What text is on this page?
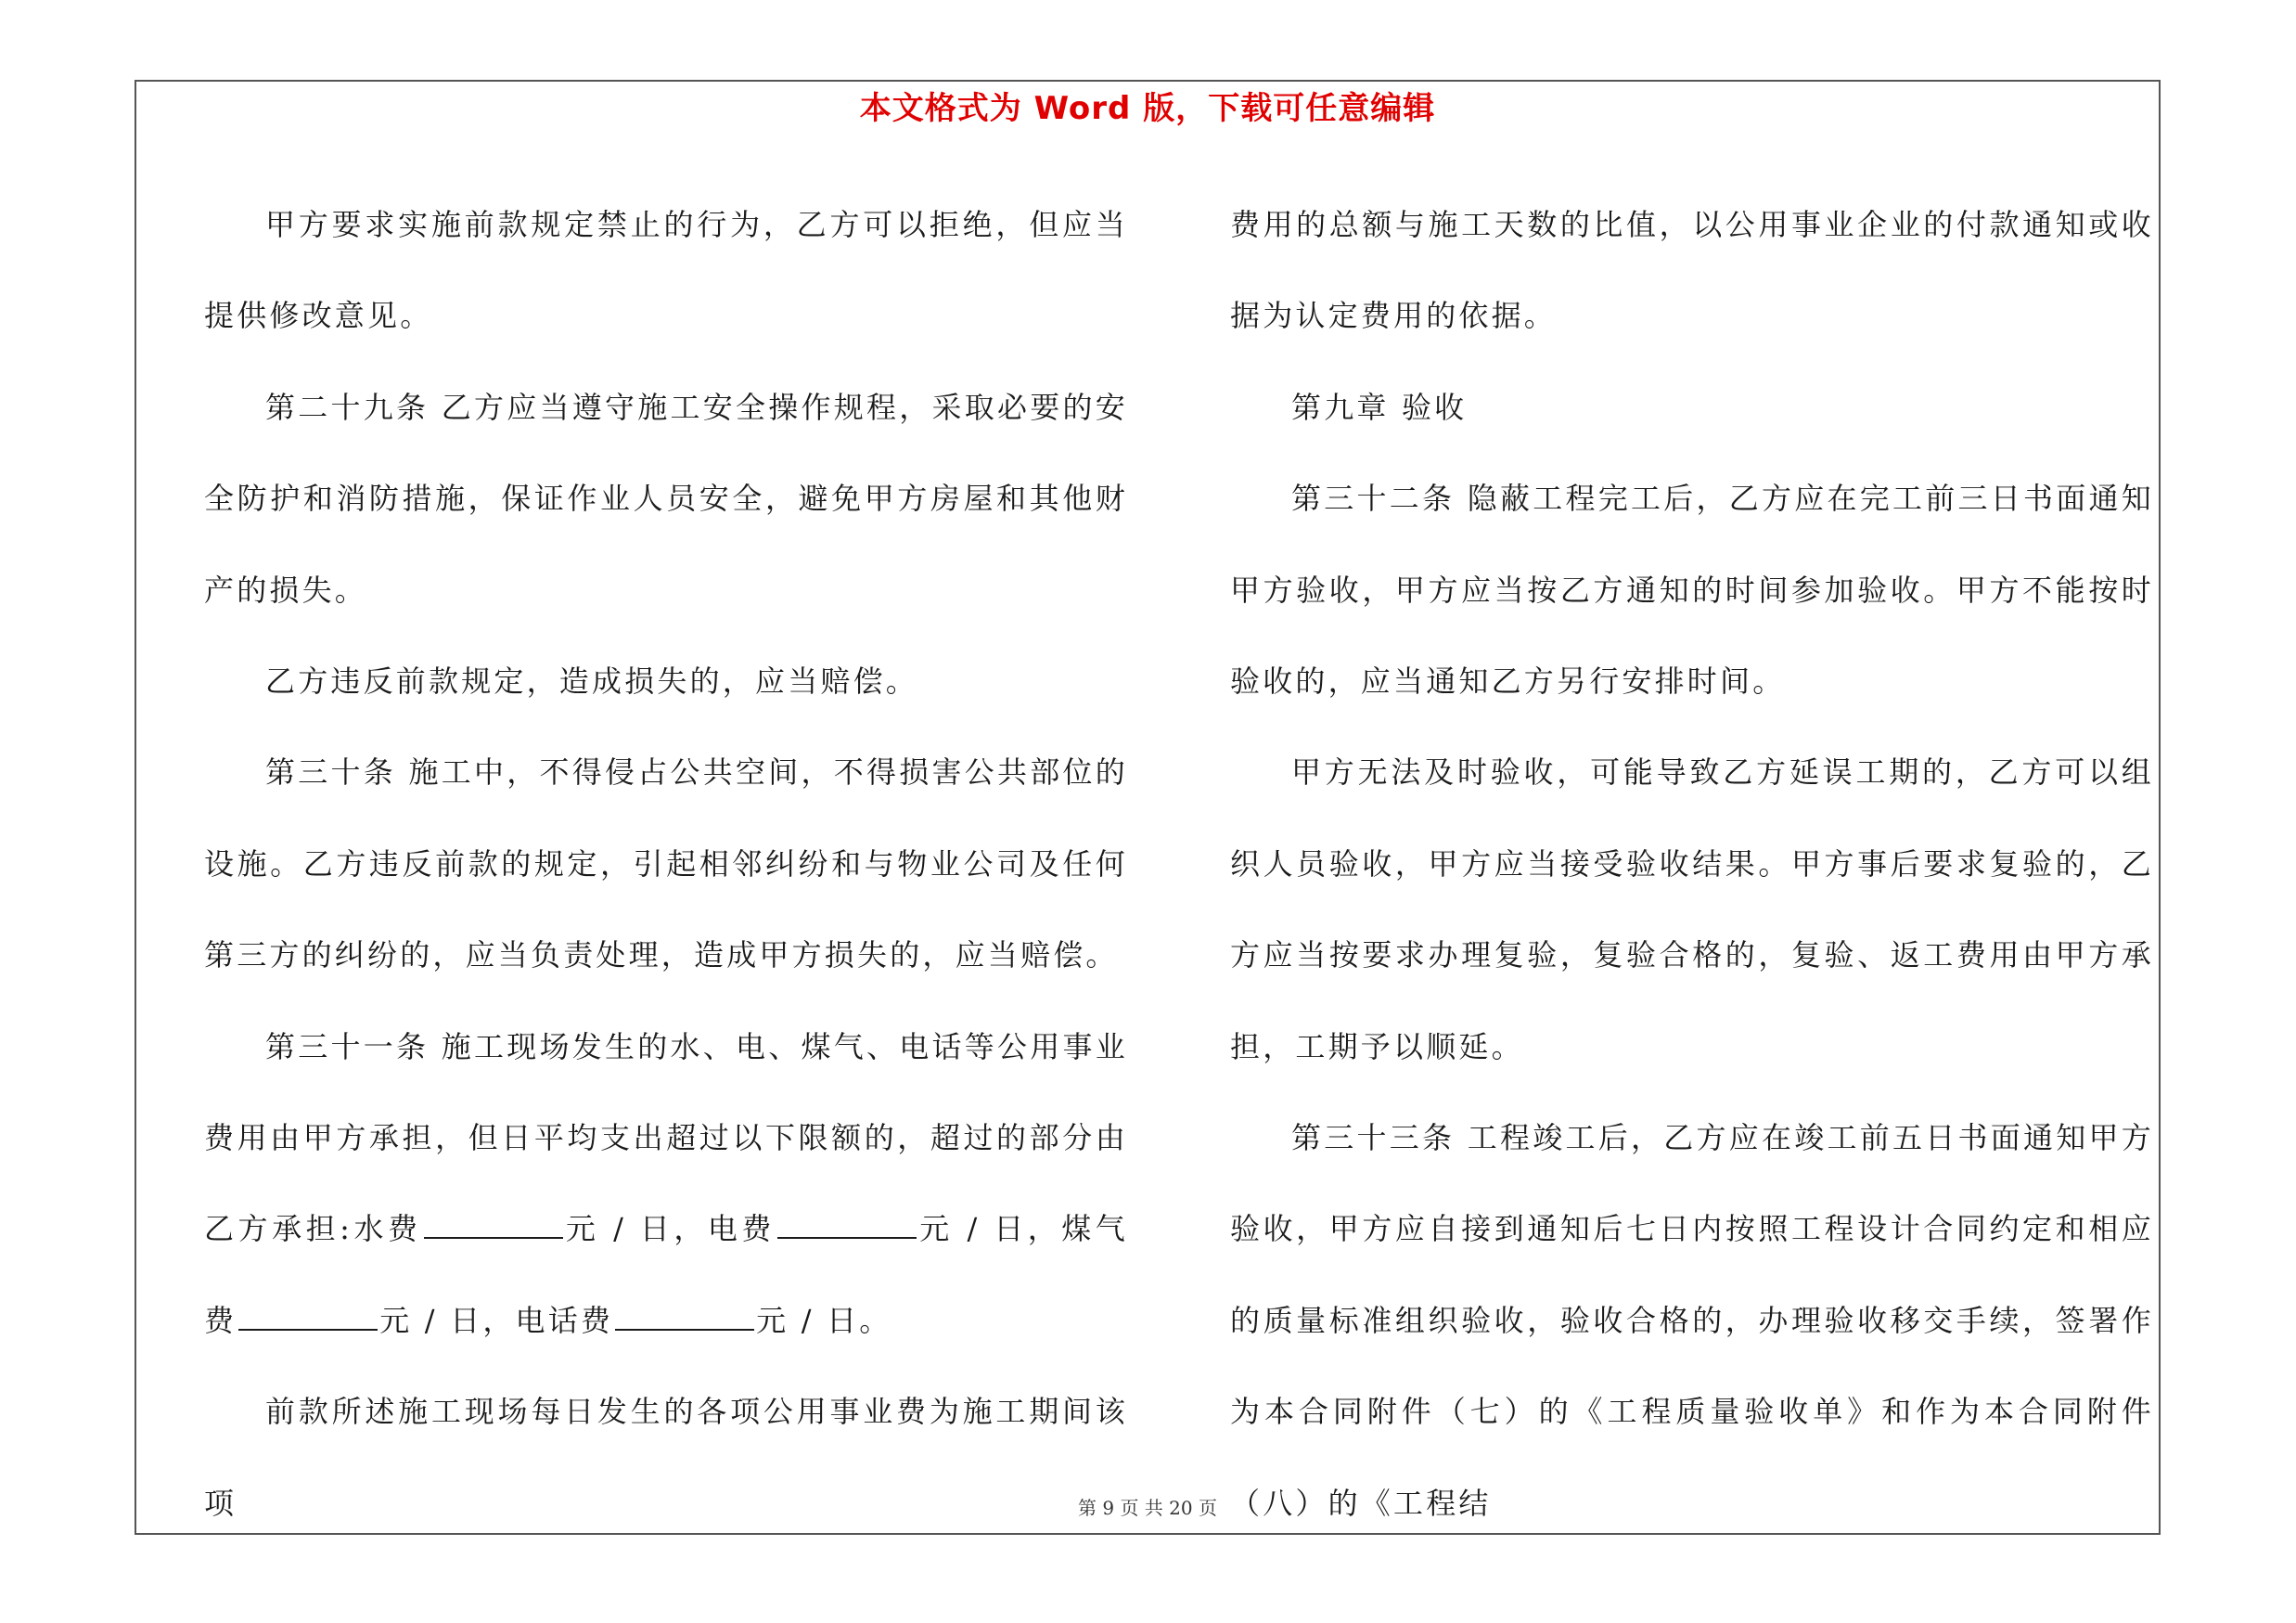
本文格式为 Word 版，下载可任意编辑

甲方要求实施前款规定禁止的行为，乙方可以拒绝，但应当提供修改意见。

第二十九条 乙方应当遵守施工安全操作规程，采取必要的安全防护和消防措施，保证作业人员安全，避免甲方房屋和其他财产的损失。

乙方违反前款规定，造成损失的，应当赔偿。

第三十条 施工中，不得侵占公共空间，不得损害公共部位的设施。乙方违反前款的规定，引起相邻纠纷和与物业公司及任何第三方的纠纷的，应当负责处理，造成甲方损失的，应当赔偿。

第三十一条 施工现场发生的水、电、煤气、电话等公用事业费用由甲方承担，但日平均支出超过以下限额的，超过的部分由乙方承担:水费	元 / 日，电费	元 / 日，煤气费	元 / 日，电话费	元 / 日。

前款所述施工现场每日发生的各项公用事业费为施工期间该项

费用的总额与施工天数的比值，以公用事业企业的付款通知或收据为认定费用的依据。

第九章 验收

第三十二条 隐蔽工程完工后，乙方应在完工前三日书面通知甲方验收，甲方应当按乙方通知的时间参加验收。甲方不能按时验收的，应当通知乙方另行安排时间。

甲方无法及时验收，可能导致乙方延误工期的，乙方可以组织人员验收，甲方应当接受验收结果。甲方事后要求复验的，乙方应当按要求办理复验，复验合格的，复验、返工费用由甲方承担，工期予以顺延。

第三十三条 工程竣工后，乙方应在竣工前五日书面通知甲方验收，甲方应自接到通知后七日内按照工程设计合同约定和相应的质量标准组织验收，验收合格的，办理验收移交手续，签署作为本合同附件（七）的《工程质量验收单》和作为本合同附件（八）的《工程结

第 9 页 共 20 页
